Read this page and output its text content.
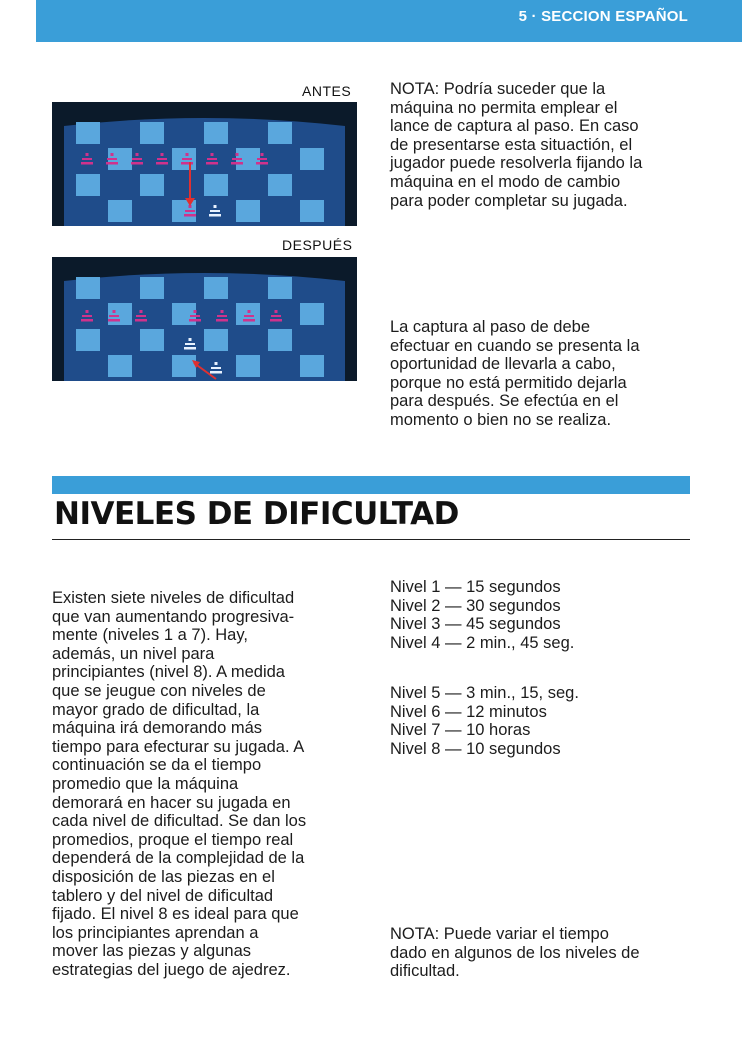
5 · SECCION ESPAÑOL
ANTES
DESPUÉS
NOTA: Podría suceder que la
máquina no permita emplear el
lance de captura al paso. En caso
de presentarse esta situactión, el
jugador puede resolverla fijando la
máquina en el modo de cambio
para poder completar su jugada.
La captura al paso de debe
efectuar en cuando se presenta la
oportunidad de llevarla a cabo,
porque no está permitido dejarla
para después. Se efectúa en el
momento o bien no se realiza.
NIVELES DE DIFICULTAD
Existen siete niveles de dificultad
que van aumentando progresiva-
mente (niveles 1 a 7). Hay,
además, un nivel para
principiantes (nivel 8). A medida
que se jeugue con niveles de
mayor grado de dificultad, la
máquina irá demorando más
tiempo para efecturar su jugada. A
continuación se da el tiempo
promedio que la máquina
demorará en hacer su jugada en
cada nivel de dificultad. Se dan los
promedios, proque el tiempo real
dependerá de la complejidad de la
disposición de las piezas en el
tablero y del nivel de dificultad
fijado. El nivel 8 es ideal para que
los principiantes aprendan a
mover las piezas y algunas
estrategias del juego de ajedrez.
Nivel 1 — 15 segundos
Nivel 2 — 30 segundos
Nivel 3 — 45 segundos
Nivel 4 — 2 min., 45 seg.
Nivel 5 — 3 min., 15, seg.
Nivel 6 — 12 minutos
Nivel 7 — 10 horas
Nivel 8 — 10 segundos
NOTA: Puede variar el tiempo
dado en algunos de los niveles de
dificultad.
